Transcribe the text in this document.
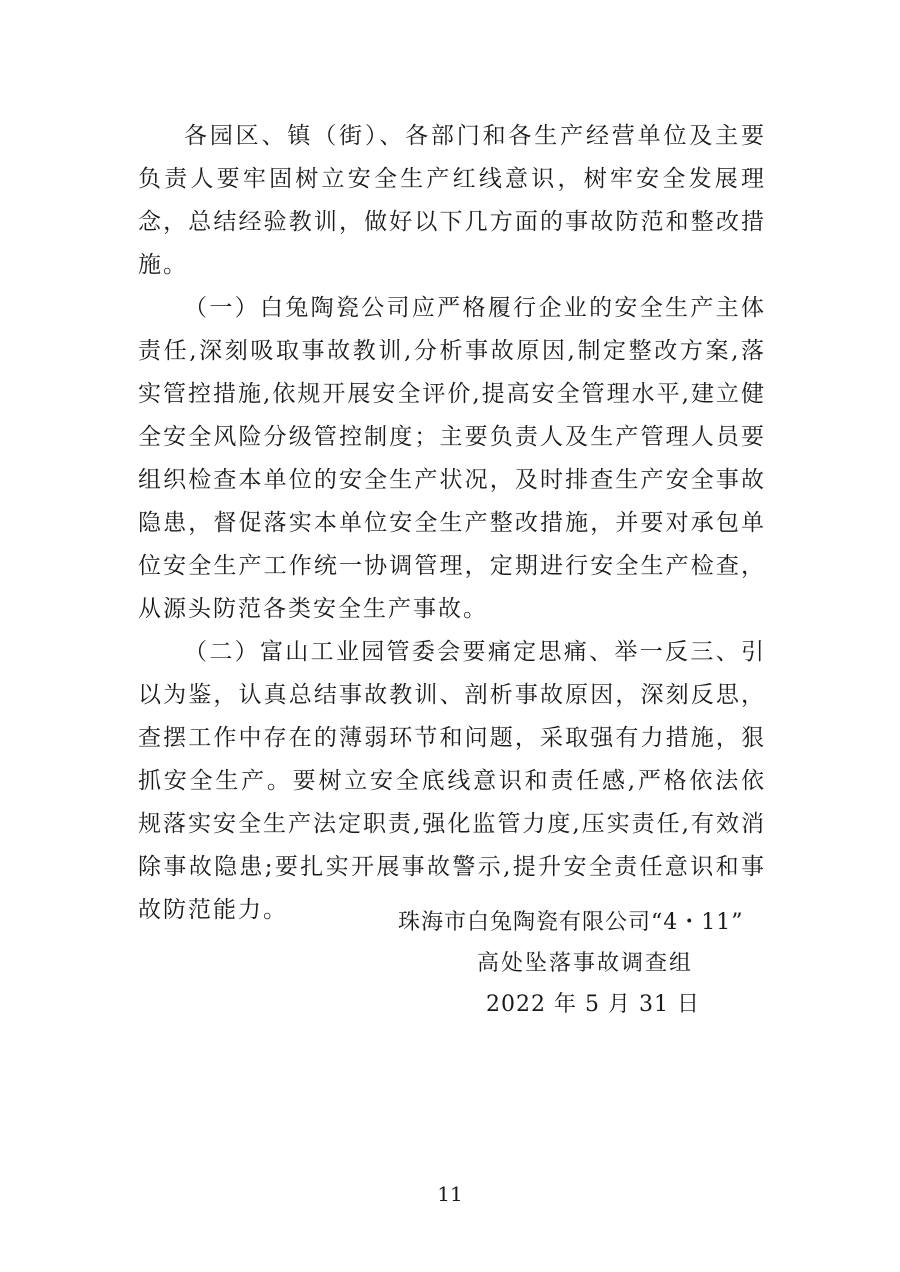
各园区、镇（街）、各部门和各生产经营单位及主要负责人要牢固树立安全生产红线意识，树牢安全发展理念，总结经验教训，做好以下几方面的事故防范和整改措施。

（一）白兔陶瓷公司应严格履行企业的安全生产主体责任,深刻吸取事故教训,分析事故原因,制定整改方案,落实管控措施,依规开展安全评价,提高安全管理水平,建立健全安全风险分级管控制度；主要负责人及生产管理人员要组织检查本单位的安全生产状况，及时排查生产安全事故隐患，督促落实本单位安全生产整改措施，并要对承包单位安全生产工作统一协调管理，定期进行安全生产检查，从源头防范各类安全生产事故。

（二）富山工业园管委会要痛定思痛、举一反三、引以为鉴，认真总结事故教训、剖析事故原因，深刻反思，查摆工作中存在的薄弱环节和问题，采取强有力措施，狠抓安全生产。要树立安全底线意识和责任感,严格依法依规落实安全生产法定职责,强化监管力度,压实责任,有效消除事故隐患;要扎实开展事故警示,提升安全责任意识和事故防范能力。	珠海市白兔陶瓷有限公司“4・11”
高处坠落事故调查组
2022 年 5 月 31 日
11
